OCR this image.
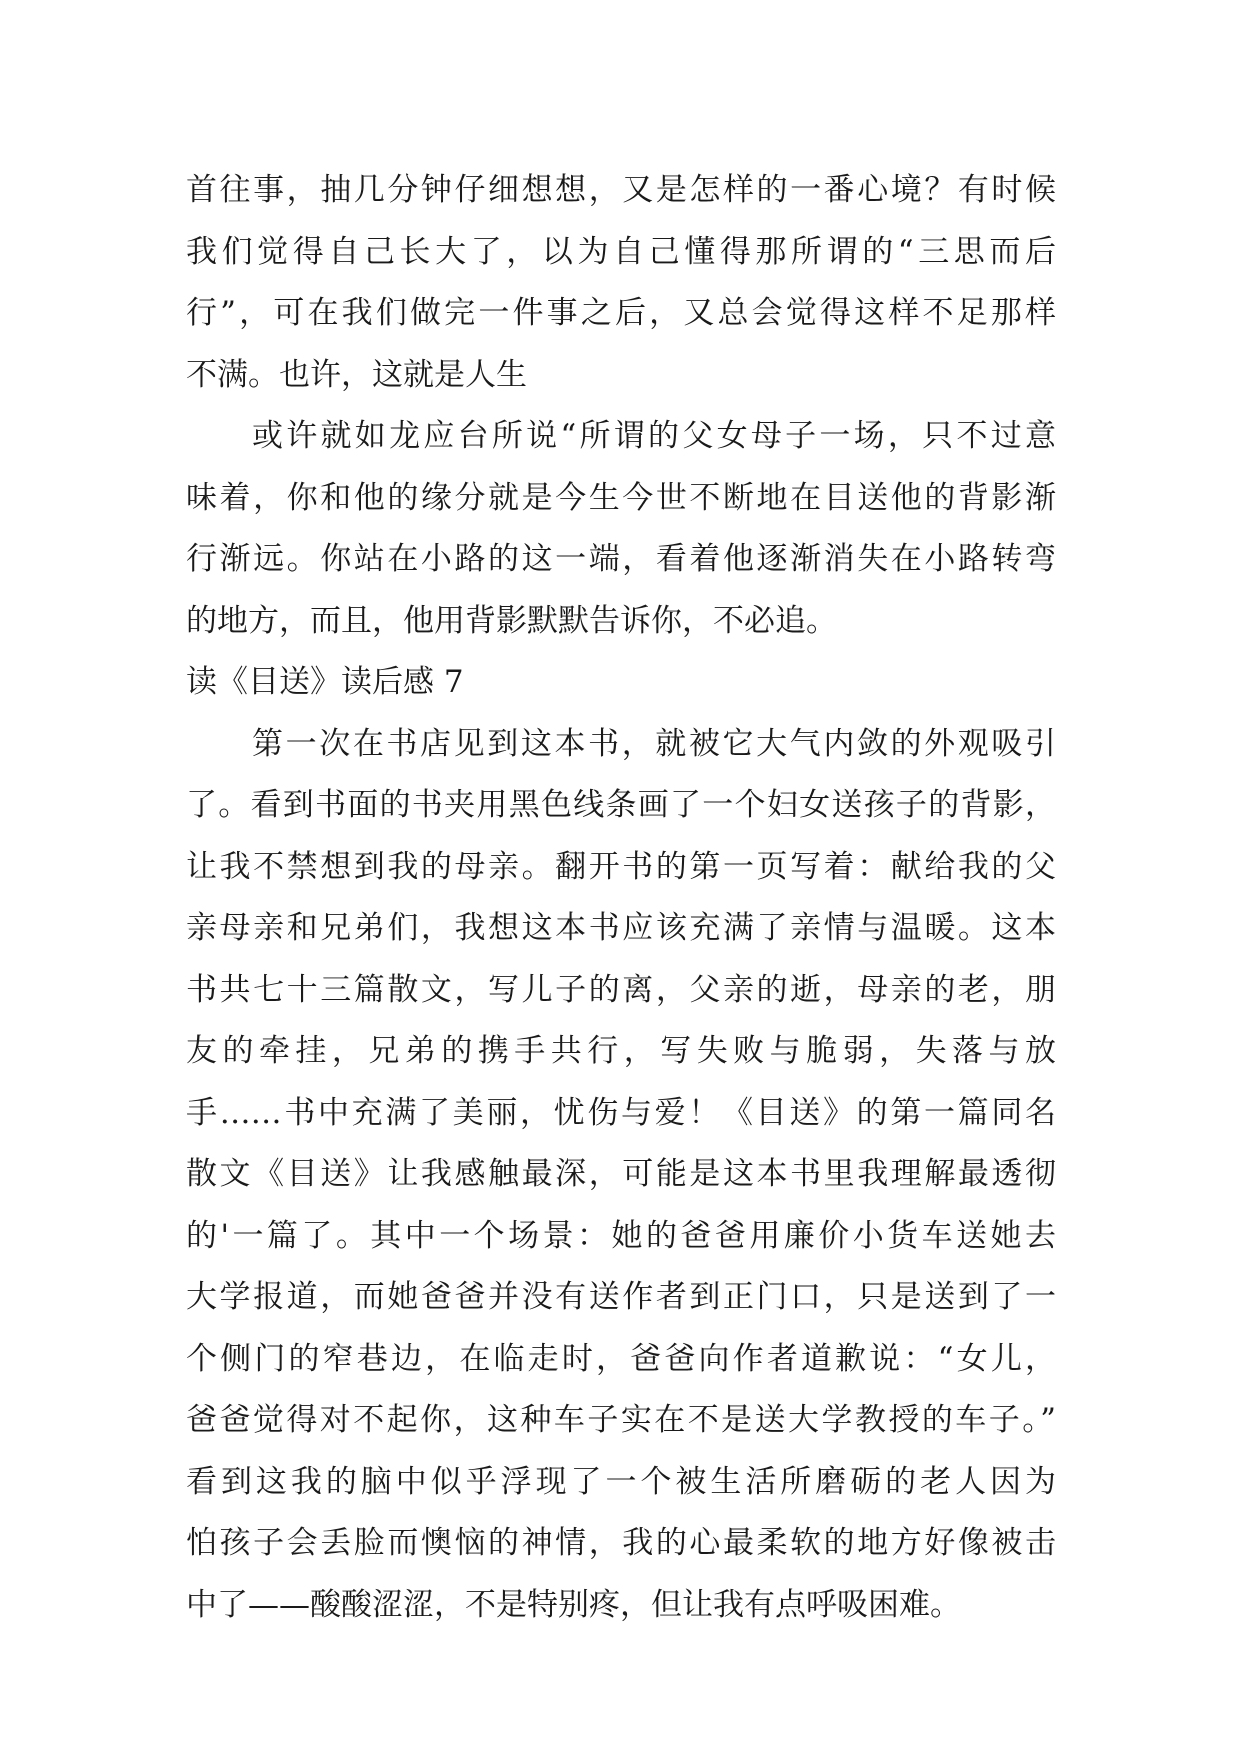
首往事，抽几分钟仔细想想，又是怎样的一番心境？有时候
我们觉得自己长大了，以为自己懂得那所谓的“三思而后
行”，可在我们做完一件事之后，又总会觉得这样不足那样
不满。也许，这就是人生
或许就如龙应台所说“所谓的父女母子一场，只不过意
味着，你和他的缘分就是今生今世不断地在目送他的背影渐
行渐远。你站在小路的这一端，看着他逐渐消失在小路转弯
的地方，而且，他用背影默默告诉你，不必追。
读《目送》读后感 7
第一次在书店见到这本书，就被它大气内敛的外观吸引
了。看到书面的书夹用黑色线条画了一个妇女送孩子的背影，
让我不禁想到我的母亲。翻开书的第一页写着：献给我的父
亲母亲和兄弟们，我想这本书应该充满了亲情与温暖。这本
书共七十三篇散文，写儿子的离，父亲的逝，母亲的老，朋
友的牵挂，兄弟的携手共行，写失败与脆弱，失落与放
手……书中充满了美丽，忧伤与爱！《目送》的第一篇同名
散文《目送》让我感触最深，可能是这本书里我理解最透彻
的'一篇了。其中一个场景：她的爸爸用廉价小货车送她去
大学报道，而她爸爸并没有送作者到正门口，只是送到了一
个侧门的窄巷边，在临走时，爸爸向作者道歉说：“女儿，
爸爸觉得对不起你，这种车子实在不是送大学教授的车子。”
看到这我的脑中似乎浮现了一个被生活所磨砺的老人因为
怕孩子会丢脸而懊恼的神情，我的心最柔软的地方好像被击
中了——酸酸涩涩，不是特别疼，但让我有点呼吸困难。
